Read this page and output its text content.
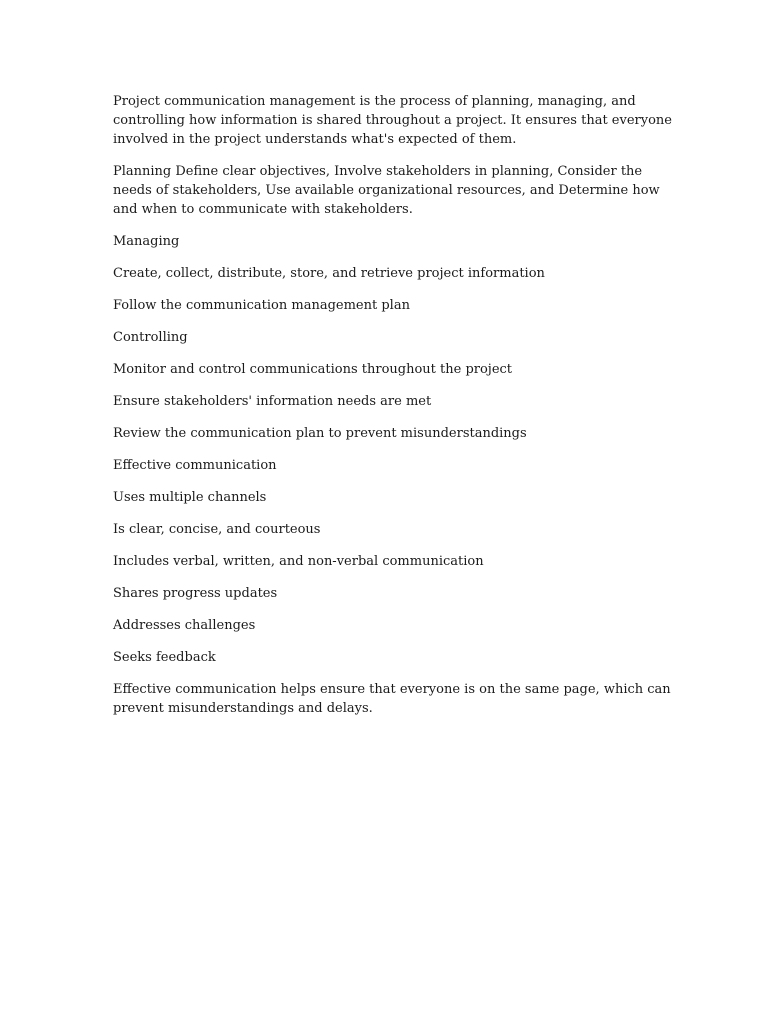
Project communication management is the process of planning, managing, and controlling how information is shared throughout a project. It ensures that everyone involved in the project understands what's expected of them.

Planning Define clear objectives, Involve stakeholders in planning, Consider the needs of stakeholders, Use available organizational resources, and Determine how and when to communicate with stakeholders.

Managing

Create, collect, distribute, store, and retrieve project information

Follow the communication management plan

Controlling

Monitor and control communications throughout the project

Ensure stakeholders' information needs are met

Review the communication plan to prevent misunderstandings

Effective communication

Uses multiple channels

Is clear, concise, and courteous

Includes verbal, written, and non-verbal communication

Shares progress updates

Addresses challenges

Seeks feedback

Effective communication helps ensure that everyone is on the same page, which can prevent misunderstandings and delays.
